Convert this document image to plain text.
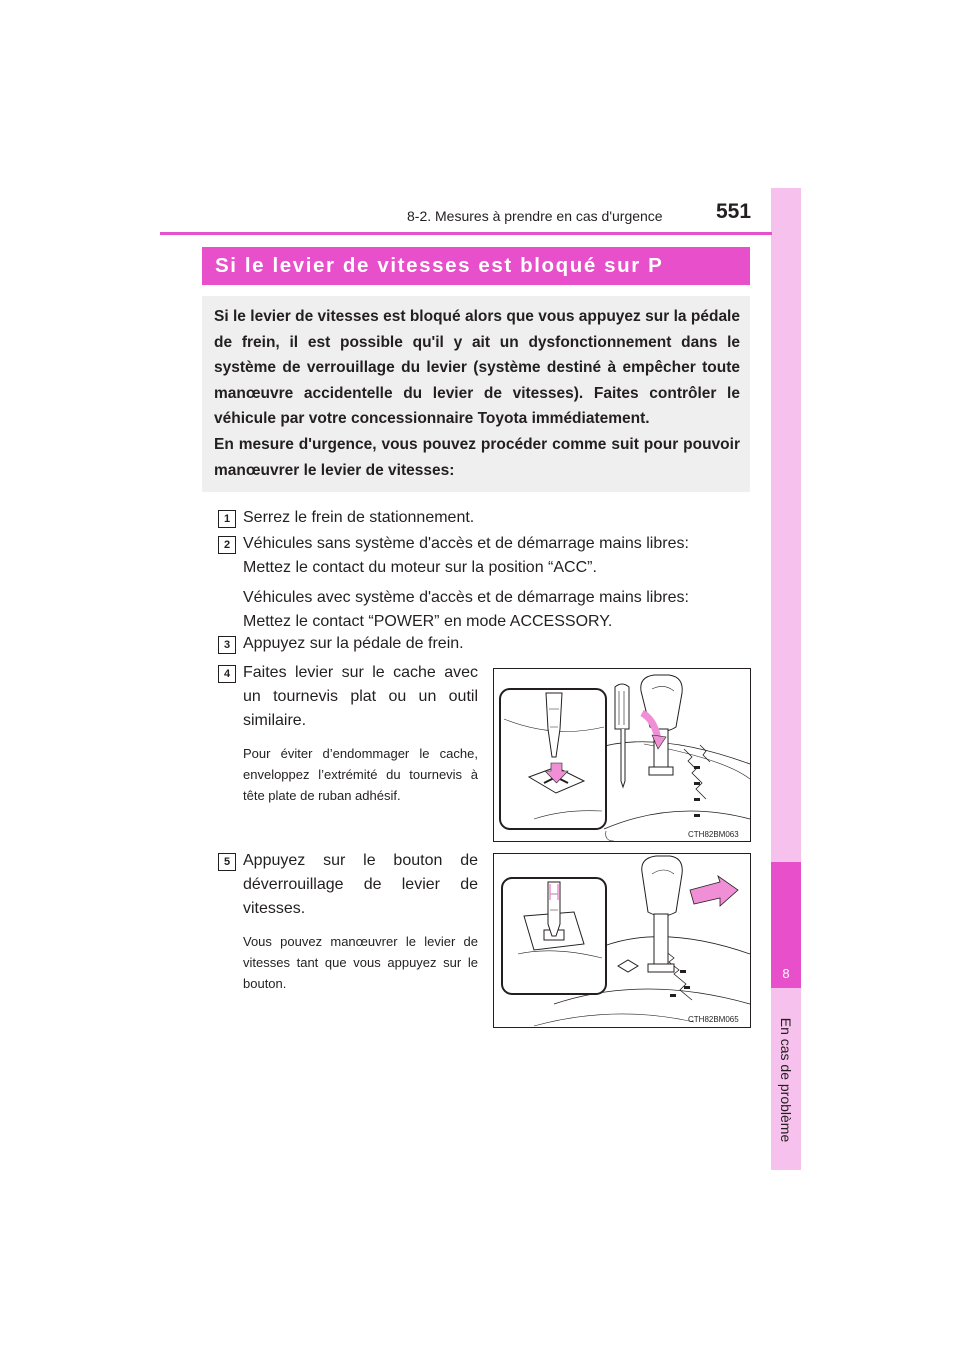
8
En cas de problème
8-2. Mesures à prendre en cas d'urgence	551
Si le levier de vitesses est bloqué sur P

Si le levier de vitesses est bloqué alors que vous appuyez sur la pédale de frein, il est possible qu'il y ait un dysfonctionnement dans le système de verrouillage du levier (système destiné à empêcher toute manœuvre accidentelle du levier de vitesses). Faites contrôler le véhicule par votre concessionnaire Toyota immédiatement.

En mesure d'urgence, vous pouvez procéder comme suit pour pouvoir manœuvrer le levier de vitesses:

1 Serrez le frein de stationnement.
2 Véhicules sans système d'accès et de démarrage mains libres:

Mettez le contact du moteur sur la position “ACC”.

Véhicules avec système d'accès et de démarrage mains libres:

Mettez le contact “POWER” en mode ACCESSORY.

3 Appuyez sur la pédale de frein.
4 Faites levier sur le cache avec

un tournevis plat ou un outil

similaire.

Pour éviter d’endommager le cache, enveloppez l’extrémité du tournevis à tête plate de ruban adhésif.

CTH82BM063
5 Appuyez sur le bouton de

déverrouillage de levier de

vitesses.

Vous pouvez manœuvrer le levier de vitesses tant que vous appuyez sur le bouton.

CTH82BM065
